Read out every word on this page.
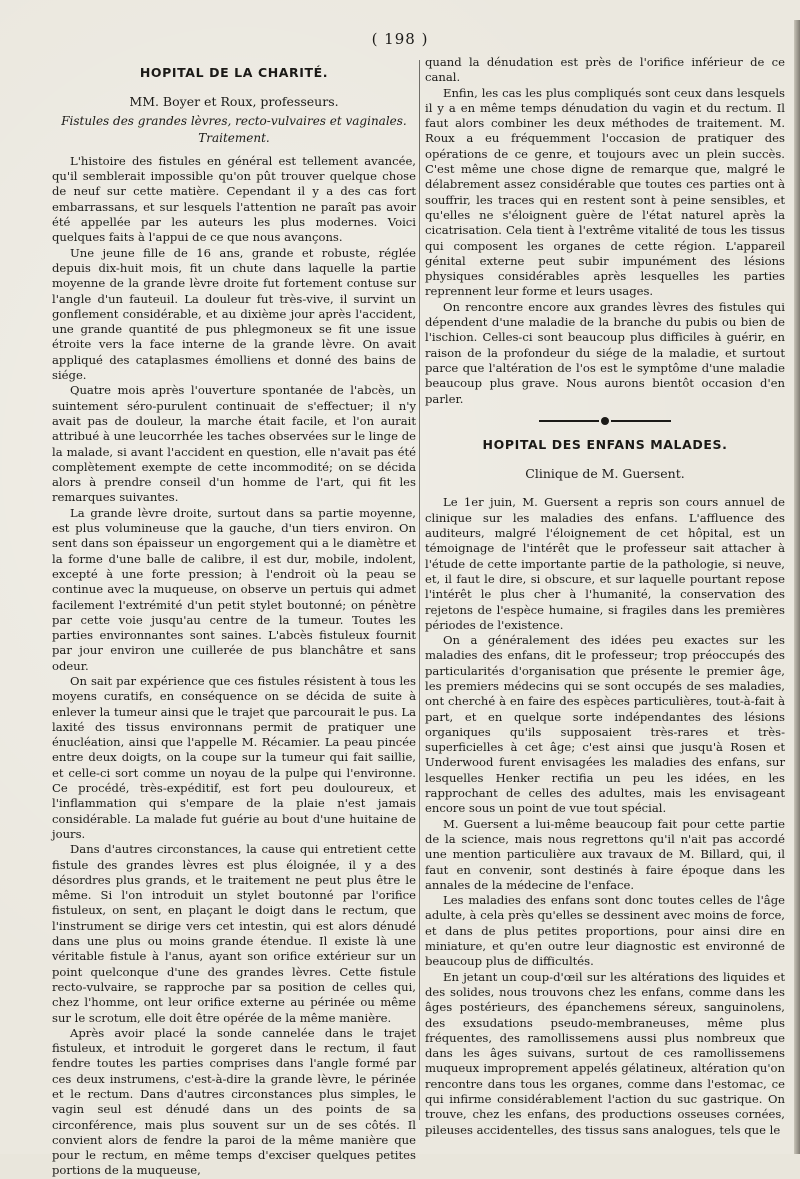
( 198 )
HOPITAL DE LA CHARITÉ.
MM. Boyer et Roux, professeurs.
Fistules des grandes lèvres, recto-vulvaires et vaginales.
Traitement.

L'histoire des fistules en général est tellement avancée, qu'il semblerait impossible qu'on pût trouver quelque chose de neuf sur cette matière. Cependant il y a des cas fort embarrassans, et sur lesquels l'attention ne paraît pas avoir été appellée par les auteurs les plus modernes. Voici quelques faits à l'appui de ce que nous avançons.

Une jeune fille de 16 ans, grande et robuste, réglée depuis dix-huit mois, fit un chute dans laquelle la partie moyenne de la grande lèvre droite fut fortement contuse sur l'angle d'un fauteuil. La douleur fut très-vive, il survint un gonflement considérable, et au dixième jour après l'accident, une grande quantité de pus phlegmoneux se fit une issue étroite vers la face interne de la grande lèvre. On avait appliqué des cataplasmes émolliens et donné des bains de siége.

Quatre mois après l'ouverture spontanée de l'abcès, un suintement séro-purulent continuait de s'effectuer; il n'y avait pas de douleur, la marche était facile, et l'on aurait attribué à une leucorrhée les taches observées sur le linge de la malade, si avant l'accident en question, elle n'avait pas été complètement exempte de cette incommodité; on se décida alors à prendre conseil d'un homme de l'art, qui fit les remarques suivantes.

La grande lèvre droite, surtout dans sa partie moyenne, est plus volumineuse que la gauche, d'un tiers environ. On sent dans son épaisseur un engorgement qui a le diamètre et la forme d'une balle de calibre, il est dur, mobile, indolent, excepté à une forte pression; à l'endroit où la peau se continue avec la muqueuse, on observe un pertuis qui admet facilement l'extrémité d'un petit stylet boutonné; on pénètre par cette voie jusqu'au centre de la tumeur. Toutes les parties environnantes sont saines. L'abcès fistuleux fournit par jour environ une cuillerée de pus blanchâtre et sans odeur.

On sait par expérience que ces fistules résistent à tous les moyens curatifs, en conséquence on se décida de suite à enlever la tumeur ainsi que le trajet que parcourait le pus. La laxité des tissus environnans permit de pratiquer une énucléation, ainsi que l'appelle M. Récamier. La peau pincée entre deux doigts, on la coupe sur la tumeur qui fait saillie, et celle-ci sort comme un noyau de la pulpe qui l'environne. Ce procédé, très-expéditif, est fort peu douloureux, et l'inflammation qui s'empare de la plaie n'est jamais considérable. La malade fut guérie au bout d'une huitaine de jours.

Dans d'autres circonstances, la cause qui entretient cette fistule des grandes lèvres est plus éloignée, il y a des désordres plus grands, et le traitement ne peut plus être le même. Si l'on introduit un stylet boutonné par l'orifice fistuleux, on sent, en plaçant le doigt dans le rectum, que l'instrument se dirige vers cet intestin, qui est alors dénudé dans une plus ou moins grande étendue. Il existe là une véritable fistule à l'anus, ayant son orifice extérieur sur un point quelconque d'une des grandes lèvres. Cette fistule recto-vulvaire, se rapproche par sa position de celles qui, chez l'homme, ont leur orifice externe au périnée ou même sur le scrotum, elle doit être opérée de la même manière.

Après avoir placé la sonde cannelée dans le trajet fistuleux, et introduit le gorgeret dans le rectum, il faut fendre toutes les parties comprises dans l'angle formé par ces deux instrumens, c'est-à-dire la grande lèvre, le périnée et le rectum. Dans d'autres circonstances plus simples, le vagin seul est dénudé dans un des points de sa circonférence, mais plus souvent sur un de ses côtés. Il convient alors de fendre la paroi de la même manière que pour le rectum, en même temps d'exciser quelques petites portions de la muqueuse,

quand la dénudation est près de l'orifice inférieur de ce canal.

Enfin, les cas les plus compliqués sont ceux dans lesquels il y a en même temps dénudation du vagin et du rectum. Il faut alors combiner les deux méthodes de traitement. M. Roux a eu fréquemment l'occasion de pratiquer des opérations de ce genre, et toujours avec un plein succès. C'est même une chose digne de remarque que, malgré le délabrement assez considérable que toutes ces parties ont à souffrir, les traces qui en restent sont à peine sensibles, et qu'elles ne s'éloignent guère de l'état naturel après la cicatrisation. Cela tient à l'extrême vitalité de tous les tissus qui composent les organes de cette région. L'appareil génital externe peut subir impunément des lésions physiques considérables après lesquelles les parties reprennent leur forme et leurs usages.

On rencontre encore aux grandes lèvres des fistules qui dépendent d'une maladie de la branche du pubis ou bien de l'ischion. Celles-ci sont beaucoup plus difficiles à guérir, en raison de la profondeur du siége de la maladie, et surtout parce que l'altération de l'os est le symptôme d'une maladie beaucoup plus grave. Nous aurons bientôt occasion d'en parler.

HOPITAL DES ENFANS MALADES.
Clinique de M. Guersent.

Le 1er juin, M. Guersent a repris son cours annuel de clinique sur les maladies des enfans. L'affluence des auditeurs, malgré l'éloignement de cet hôpital, est un témoignage de l'intérêt que le professeur sait attacher à l'étude de cette importante partie de la pathologie, si neuve, et, il faut le dire, si obscure, et sur laquelle pourtant repose l'intérêt le plus cher à l'humanité, la conservation des rejetons de l'espèce humaine, si fragiles dans les premières périodes de l'existence.

On a généralement des idées peu exactes sur les maladies des enfans, dit le professeur; trop préoccupés des particularités d'organisation que présente le premier âge, les premiers médecins qui se sont occupés de ses maladies, ont cherché à en faire des espèces particulières, tout-à-fait à part, et en quelque sorte indépendantes des lésions organiques qu'ils supposaient très-rares et très-superficielles à cet âge; c'est ainsi que jusqu'à Rosen et Underwood furent envisagées les maladies des enfans, sur lesquelles Henker rectifia un peu les idées, en les rapprochant de celles des adultes, mais les envisageant encore sous un point de vue tout spécial.

M. Guersent a lui-même beaucoup fait pour cette partie de la science, mais nous regrettons qu'il n'ait pas accordé une mention particulière aux travaux de M. Billard, qui, il faut en convenir, sont destinés à faire époque dans les annales de la médecine de l'enface.

Les maladies des enfans sont donc toutes celles de l'âge adulte, à cela près qu'elles se dessinent avec moins de force, et dans de plus petites proportions, pour ainsi dire en miniature, et qu'en outre leur diagnostic est environné de beaucoup plus de difficultés.

En jetant un coup-d'œil sur les altérations des liquides et des solides, nous trouvons chez les enfans, comme dans les âges postérieurs, des épanchemens séreux, sanguinolens, des exsudations pseudo-membraneuses, même plus fréquentes, des ramollissemens aussi plus nombreux que dans les âges suivans, surtout de ces ramollissemens muqueux improprement appelés gélatineux, altération qu'on rencontre dans tous les organes, comme dans l'estomac, ce qui infirme considérablement l'action du suc gastrique. On trouve, chez les enfans, des productions osseuses cornées, pileuses accidentelles, des tissus sans analogues, tels que le
